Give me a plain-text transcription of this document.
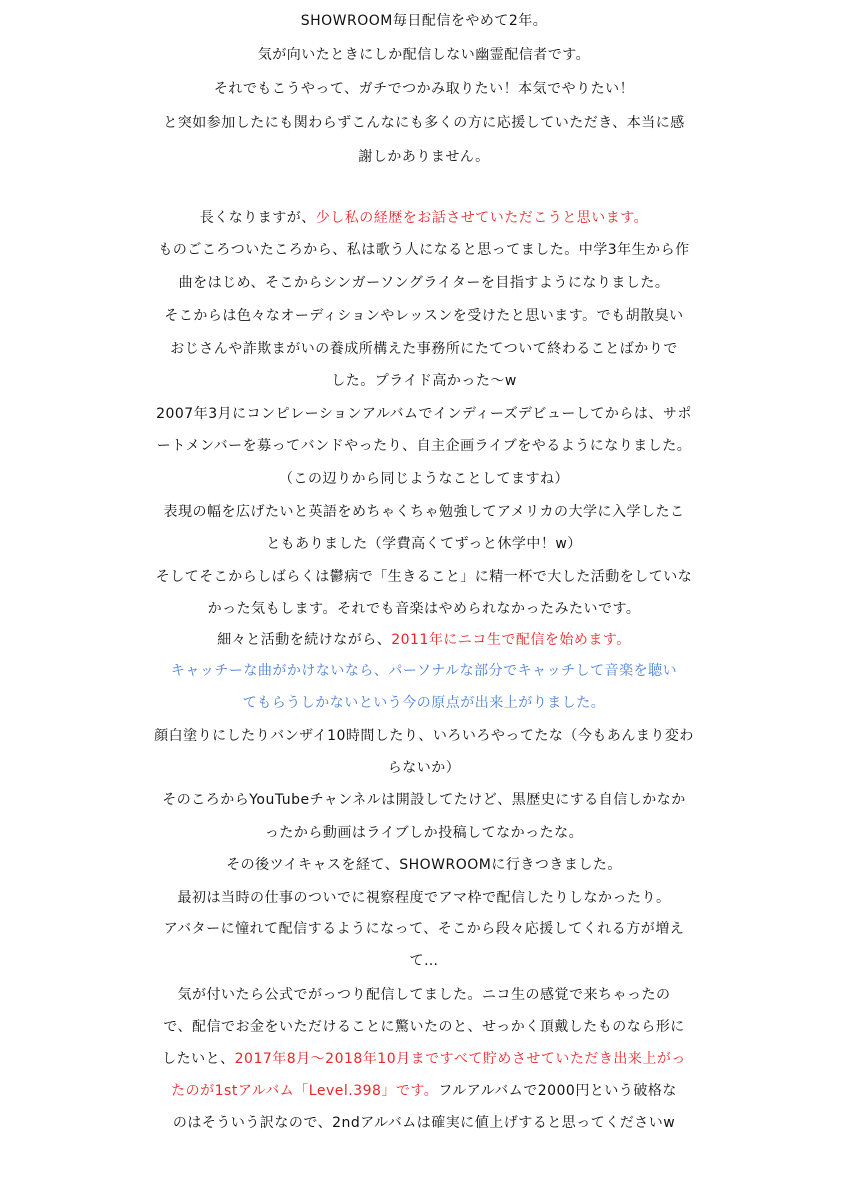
SHOWROOM毎日配信をやめて2年。
気が向いたときにしか配信しない幽霊配信者です。
それでもこうやって、ガチでつかみ取りたい！本気でやりたい！
と突如参加したにも関わらずこんなにも多くの方に応援していただき、本当に感
謝しかありません。
長くなりますが、少し私の経歴をお話させていただこうと思います。
ものごころついたころから、私は歌う人になると思ってました。中学3年生から作
曲をはじめ、そこからシンガーソングライターを目指すようになりました。
そこからは色々なオーディションやレッスンを受けたと思います。でも胡散臭い
おじさんや詐欺まがいの養成所構えた事務所にたてついて終わることばかりで
した。プライド高かった〜w
2007年3月にコンピレーションアルバムでインディーズデビューしてからは、サポ
ートメンバーを募ってバンドやったり、自主企画ライブをやるようになりました。
（この辺りから同じようなことしてますね）
表現の幅を広げたいと英語をめちゃくちゃ勉強してアメリカの大学に入学したこ
ともありました（学費高くてずっと休学中！w）
そしてそこからしばらくは鬱病で「生きること」に精一杯で大した活動をしていな
かった気もします。それでも音楽はやめられなかったみたいです。
細々と活動を続けながら、2011年にニコ生で配信を始めます。
キャッチーな曲がかけないなら、パーソナルな部分でキャッチして音楽を聴い
てもらうしかないという今の原点が出来上がりました。
顔白塗りにしたりバンザイ10時間したり、いろいろやってたな（今もあんまり変わ
らないか）
そのころからYouTubeチャンネルは開設してたけど、黒歴史にする自信しかなか
ったから動画はライブしか投稿してなかったな。
その後ツイキャスを経て、SHOWROOMに行きつきました。
最初は当時の仕事のついでに視察程度でアマ枠で配信したりしなかったり。
アバターに憧れて配信するようになって、そこから段々応援してくれる方が増え
て…
気が付いたら公式でがっつり配信してました。ニコ生の感覚で来ちゃったの
で、配信でお金をいただけることに驚いたのと、せっかく頂戴したものなら形に
したいと、2017年8月〜2018年10月まですべて貯めさせていただき出来上がっ
たのが1stアルバム「Level.398」です。フルアルバムで2000円という破格な
のはそういう訳なので、2ndアルバムは確実に値上げすると思ってくださいw
